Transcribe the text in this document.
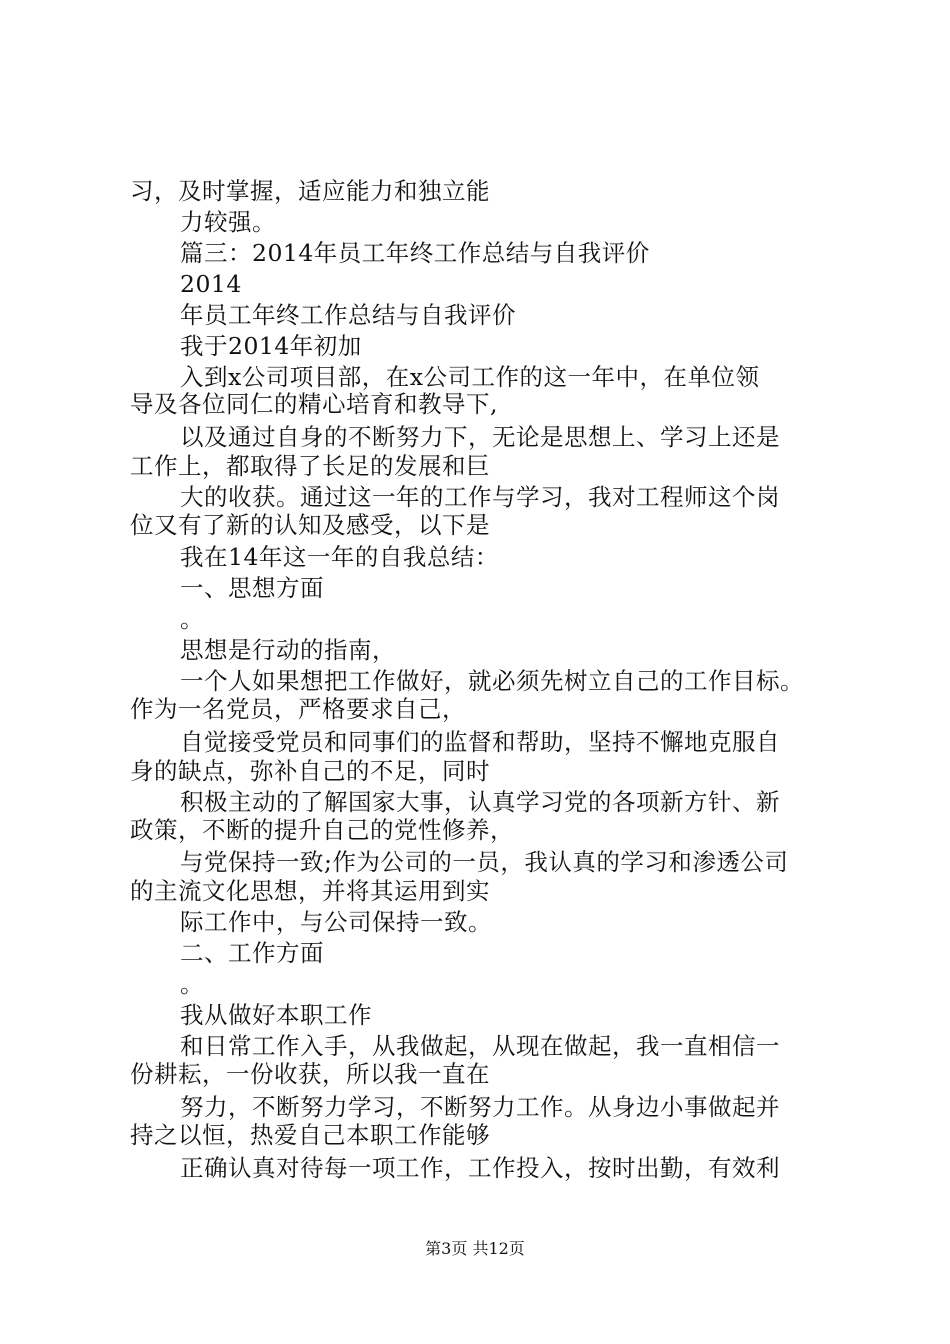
习，及时掌握，适应能力和独立能
力较强。
篇三：2014年员工年终工作总结与自我评价
2014
年员工年终工作总结与自我评价
我于2014年初加
入到x公司项目部，在x公司工作的这一年中，在单位领
导及各位同仁的精心培育和教导下,
以及通过自身的不断努力下，无论是思想上、学习上还是
工作上，都取得了长足的发展和巨
大的收获。通过这一年的工作与学习，我对工程师这个岗
位又有了新的认知及感受，以下是
我在14年这一年的自我总结：
一、思想方面
。
思想是行动的指南，
一个人如果想把工作做好，就必须先树立自己的工作目标。
作为一名党员，严格要求自己，
自觉接受党员和同事们的监督和帮助，坚持不懈地克服自
身的缺点，弥补自己的不足，同时
积极主动的了解国家大事，认真学习党的各项新方针、新
政策，不断的提升自己的党性修养，
与党保持一致;作为公司的一员，我认真的学习和渗透公司
的主流文化思想，并将其运用到实
际工作中，与公司保持一致。
二、工作方面
。
我从做好本职工作
和日常工作入手，从我做起，从现在做起，我一直相信一
份耕耘，一份收获，所以我一直在
努力，不断努力学习，不断努力工作。从身边小事做起并
持之以恒，热爱自己本职工作能够
正确认真对待每一项工作，工作投入，按时出勤，有效利
第3页 共12页
